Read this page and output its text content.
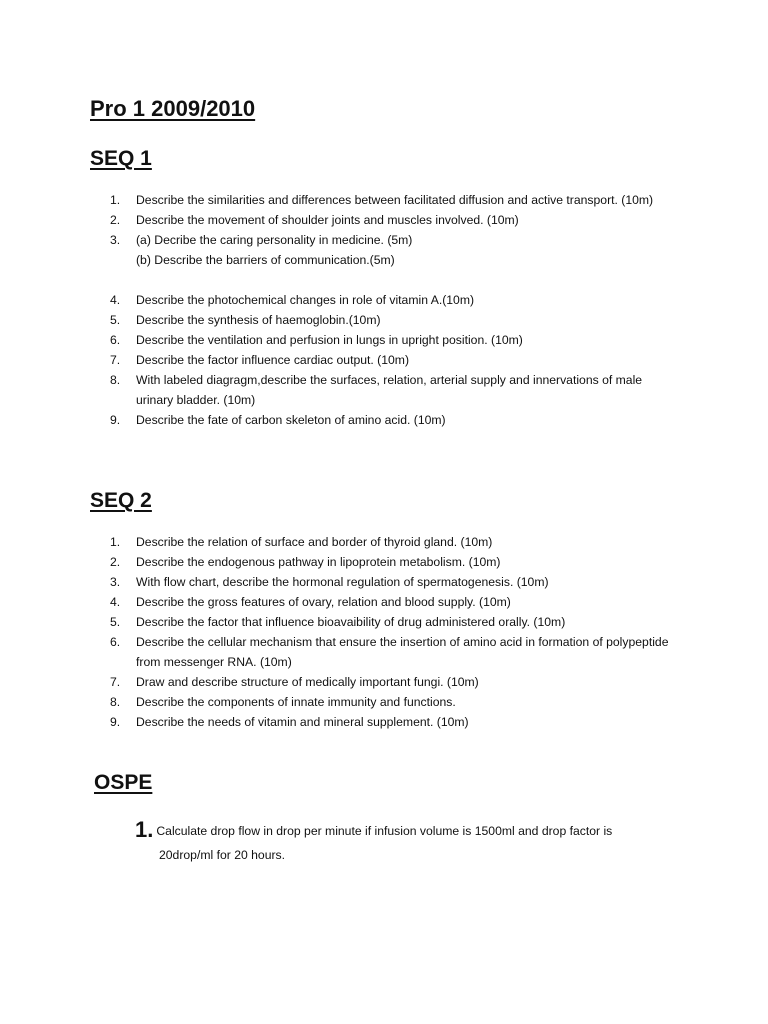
Pro 1 2009/2010
SEQ 1
1.	Describe the similarities and differences between facilitated diffusion and active transport. (10m)
2.	Describe the movement of shoulder joints and muscles involved. (10m)
3.	(a) Decribe the caring personality in medicine. (5m)
(b) Describe the barriers of communication.(5m)
4.	Describe the photochemical changes in role of vitamin A.(10m)
5.	Describe the synthesis of haemoglobin.(10m)
6.	Describe the ventilation and perfusion in lungs in upright position. (10m)
7.	Describe the factor influence cardiac output. (10m)
8.	With labeled diagragm,describe the surfaces, relation, arterial supply and innervations of male urinary bladder. (10m)
9.	Describe the fate of carbon skeleton of amino acid. (10m)
SEQ 2
1.	Describe the relation of surface and border of thyroid gland. (10m)
2.	Describe the endogenous pathway in lipoprotein metabolism. (10m)
3.	With flow chart, describe the hormonal regulation of spermatogenesis. (10m)
4.	Describe the gross features of ovary, relation and blood supply. (10m)
5.	Describe the factor that influence bioavaibility of drug administered orally. (10m)
6.	Describe the cellular mechanism that ensure the insertion of amino acid in formation of polypeptide from messenger RNA. (10m)
7.	Draw and describe structure of medically important fungi. (10m)
8.	Describe the components of innate immunity and functions.
9.	Describe the needs of vitamin and mineral supplement. (10m)
OSPE
1. Calculate drop flow in drop per minute if infusion volume is 1500ml and drop factor is
20drop/ml for 20 hours.
